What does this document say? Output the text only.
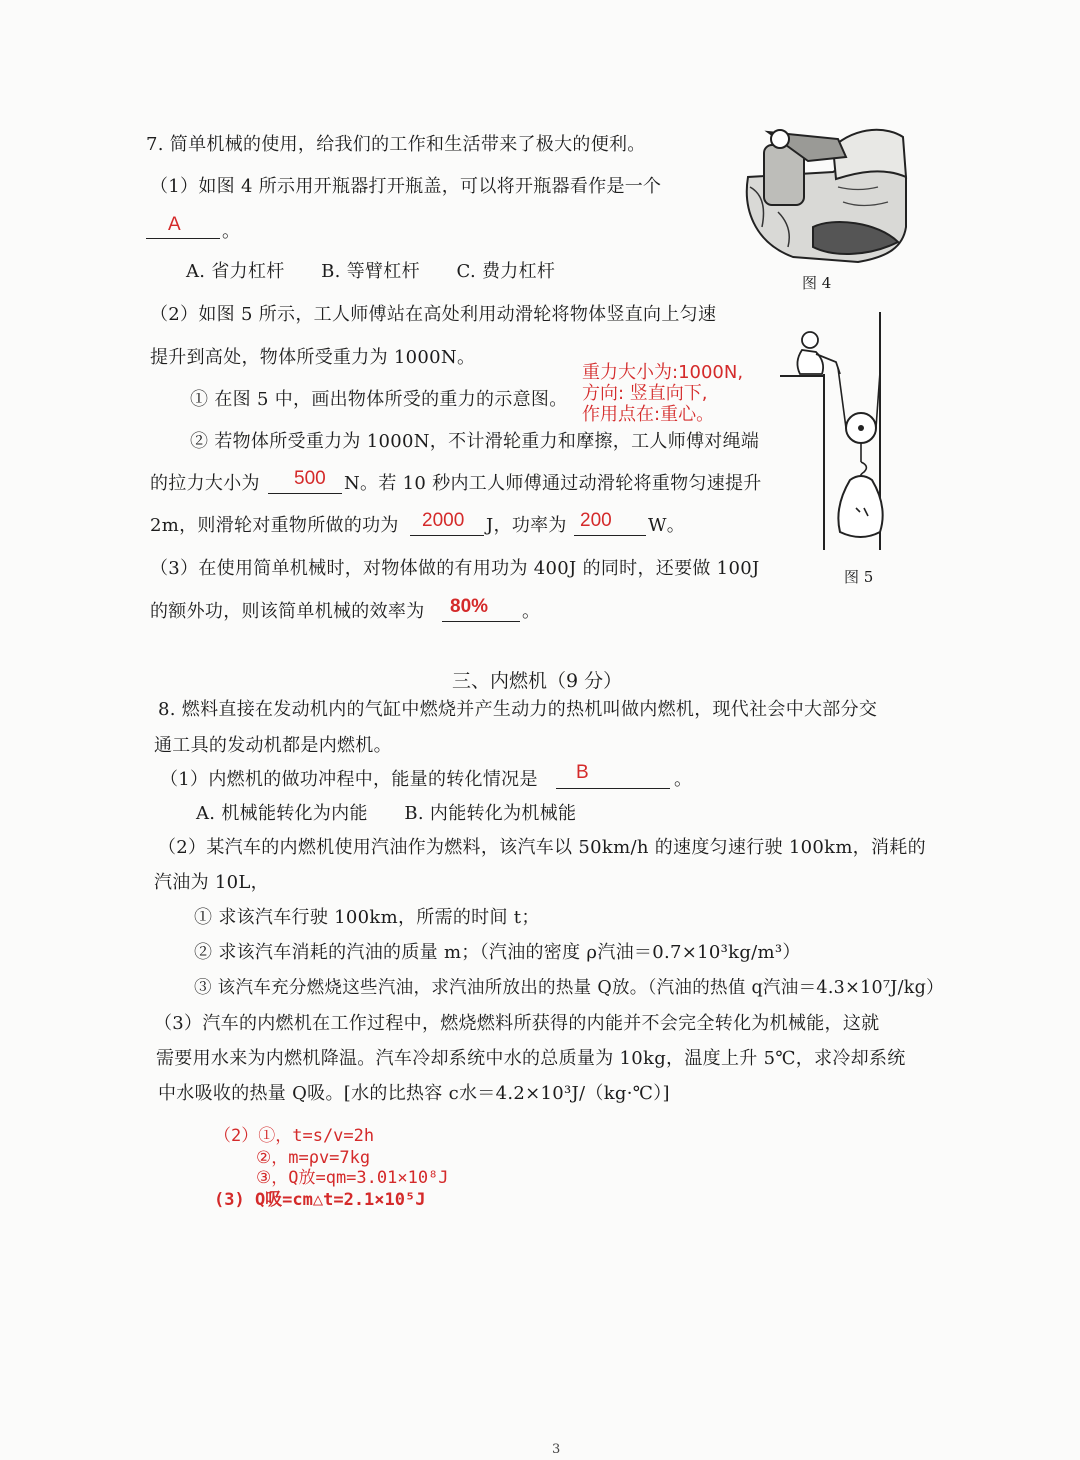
7. 简单机械的使用，给我们的工作和生活带来了极大的便利。
（1）如图 4 所示用开瓶器打开瓶盖，可以将开瓶器看作是一个
A 。
A. 省力杠杆　　B. 等臂杠杆　　C. 费力杠杆
图 4
（2）如图 5 所示，工人师傅站在高处利用动滑轮将物体竖直向上匀速
提升到高处，物体所受重力为 1000N。
① 在图 5 中，画出物体所受的重力的示意图。
重力大小为:1000N,
方向: 竖直向下,
作用点在:重心。
② 若物体所受重力为 1000N，不计滑轮重力和摩擦，工人师傅对绳端
的拉力大小为 500 N。若 10 秒内工人师傅通过动滑轮将重物匀速提升
2m，则滑轮对重物所做的功为 2000 J，功率为 200 W。
图 5
（3）在使用简单机械时，对物体做的有用功为 400J 的同时，还要做 100J
的额外功，则该简单机械的效率为 80% 。
三、内燃机（9 分）
8. 燃料直接在发动机内的气缸中燃烧并产生动力的热机叫做内燃机，现代社会中大部分交
通工具的发动机都是内燃机。
（1）内燃机的做功冲程中，能量的转化情况是 B	。
A. 机械能转化为内能　　B. 内能转化为机械能
（2）某汽车的内燃机使用汽油作为燃料，该汽车以 50km/h 的速度匀速行驶 100km，消耗的
汽油为 10L，
① 求该汽车行驶 100km，所需的时间 t；
② 求该汽车消耗的汽油的质量 m；（汽油的密度 ρ汽油＝0.7×10³kg/m³）
③ 该汽车充分燃烧这些汽油，求汽油所放出的热量 Q放。（汽油的热值 q汽油＝4.3×10⁷J/kg）
（3）汽车的内燃机在工作过程中，燃烧燃料所获得的内能并不会完全转化为机械能，这就
需要用水来为内燃机降温。汽车冷却系统中水的总质量为 10kg，温度上升 5℃，求冷却系统
中水吸收的热量 Q吸。[水的比热容 c水＝4.2×10³J/（kg·℃）]
（2）①，t=s/v=2h
②，m=ρv=7kg
③，Q放=qm=3.01×10⁸J
(3) Q吸=cm△t=2.1×10⁵J
3
